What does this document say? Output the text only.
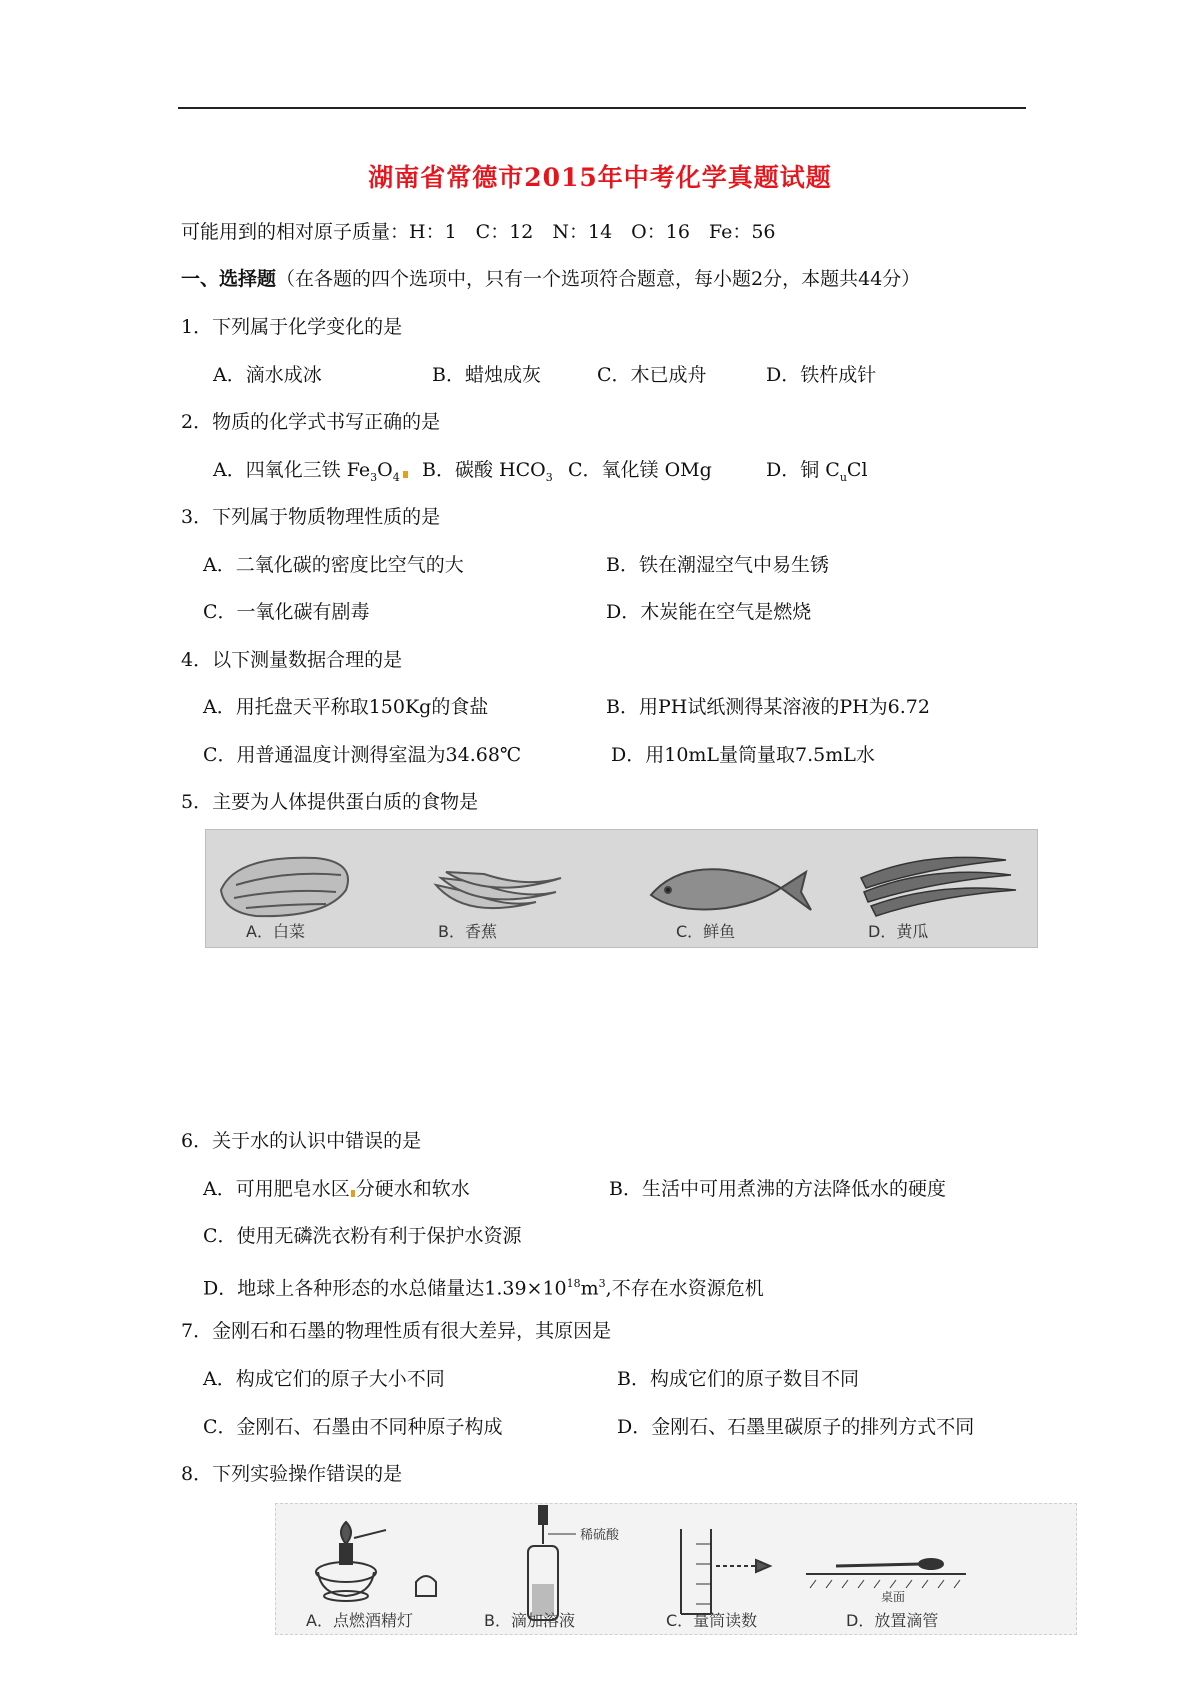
湖南省常德市2015年中考化学真题试题
可能用到的相对原子质量：H：1　C：12　N：14　O：16　Fe：56
一、选择题（在各题的四个选项中，只有一个选项符合题意，每小题2分，本题共44分）
1．下列属于化学变化的是
A．滴水成冰	B．蜡烛成灰	C．木已成舟	D．铁杵成针
2．物质的化学式书写正确的是
A．四氧化三铁 $Fe_3O_4$	B．碳酸 $HCO_3$ C．氧化镁 OMg	D．铜 $C_uCl$
3．下列属于物质物理性质的是
A．二氧化碳的密度比空气的大	B．铁在潮湿空气中易生锈
C．一氧化碳有剧毒	D．木炭能在空气是燃烧
4．以下测量数据合理的是
A．用托盘天平称取150Kg的食盐	B．用PH试纸测得某溶液的PH为6.72
C．用普通温度计测得室温为34.68℃	D．用10mL量筒量取7.5mL水
5．主要为人体提供蛋白质的食物是
A．白菜	B．香蕉	C．鲜鱼	D．黄瓜
6．关于水的认识中错误的是
A．可用肥皂水区 分硬水和软水	B．生活中可用煮沸的方法降低水的硬度
C．使用无磷洗衣粉有利于保护水资源
D．地球上各种形态的水总储量达$1.39\times 10^{18}m^3$,不存在水资源危机
7．金刚石和石墨的物理性质有很大差异，其原因是
A．构成它们的原子大小不同	B．构成它们的原子数目不同
C．金刚石、石墨由不同种原子构成	D．金刚石、石墨里碳原子的排列方式不同
8．下列实验操作错误的是
稀硫酸
桌面
A．点燃酒精灯	B．滴加溶液	C．量筒读数	D．放置滴管
